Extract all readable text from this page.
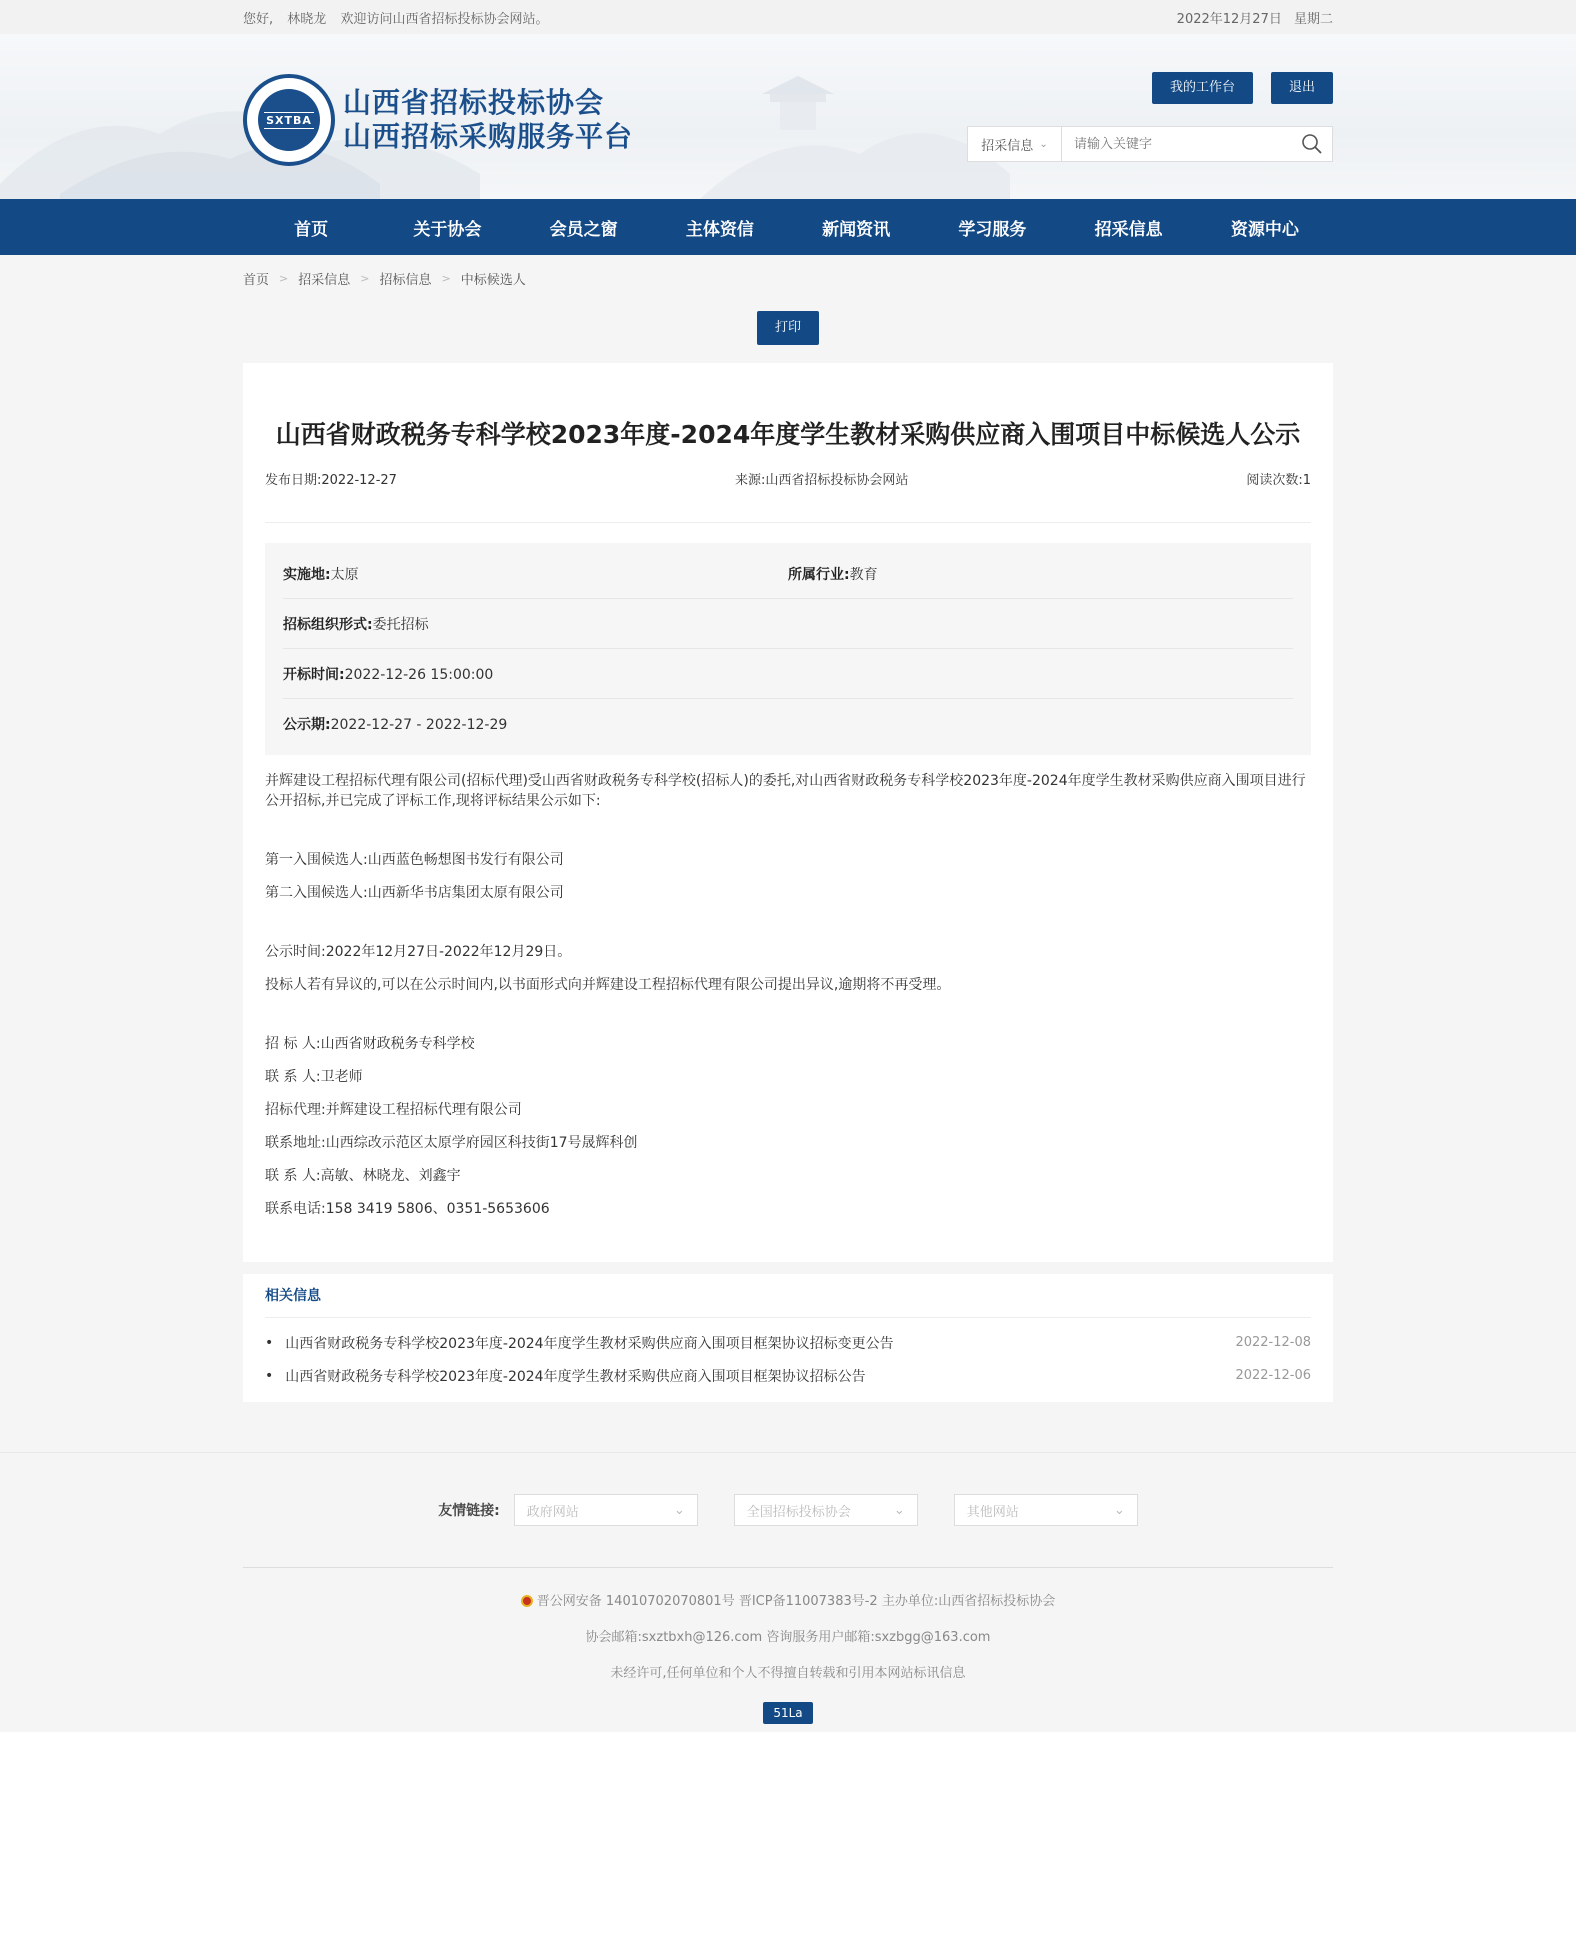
您好, 林晓龙 欢迎访问山西省招标投标协会网站。	2022年12月27日 星期二
SXTBA
山西省招标投标协会
山西招标采购服务平台
我的工作台	退出
招采信息 ⌄
请输入关键字
首页	关于协会	会员之窗	主体资信	新闻资讯	学习服务	招采信息	资源中心
首页 > 招采信息 > 招标信息 > 中标候选人
打印
山西省财政税务专科学校2023年度-2024年度学生教材采购供应商入围项目中标候选人公示
发布日期:2022-12-27	来源:山西省招标投标协会网站	阅读次数:1
实施地:太原	所属行业:教育
招标组织形式:委托招标
开标时间:2022-12-26 15:00:00
公示期:2022-12-27 - 2022-12-29

并辉建设工程招标代理有限公司(招标代理)受山西省财政税务专科学校(招标人)的委托,对山西省财政税务专科学校2023年度-2024年度学生教材采购供应商入围项目进行公开招标,并已完成了评标工作,现将评标结果公示如下:

第一入围候选人:山西蓝色畅想图书发行有限公司

第二入围候选人:山西新华书店集团太原有限公司

公示时间:2022年12月27日-2022年12月29日。

投标人若有异议的,可以在公示时间内,以书面形式向并辉建设工程招标代理有限公司提出异议,逾期将不再受理。

招 标 人:山西省财政税务专科学校

联 系 人:卫老师

招标代理:并辉建设工程招标代理有限公司

联系地址:山西综改示范区太原学府园区科技街17号晟辉科创

联 系 人:高敏、林晓龙、刘鑫宇

联系电话:158 3419 5806、0351-5653606

相关信息
• 山西省财政税务专科学校2023年度-2024年度学生教材采购供应商入围项目框架协议招标变更公告	2022-12-08
• 山西省财政税务专科学校2023年度-2024年度学生教材采购供应商入围项目框架协议招标公告	2022-12-06
友情链接: 政府网站	⌄	全国招标投标协会	⌄	其他网站	⌄

晋公网安备 14010702070801号 晋ICP备11007383号-2 主办单位:山西省招标投标协会

协会邮箱:sxztbxh@126.com 咨询服务用户邮箱:sxzbgg@163.com

未经许可,任何单位和个人不得擅自转载和引用本网站标讯信息

51La
